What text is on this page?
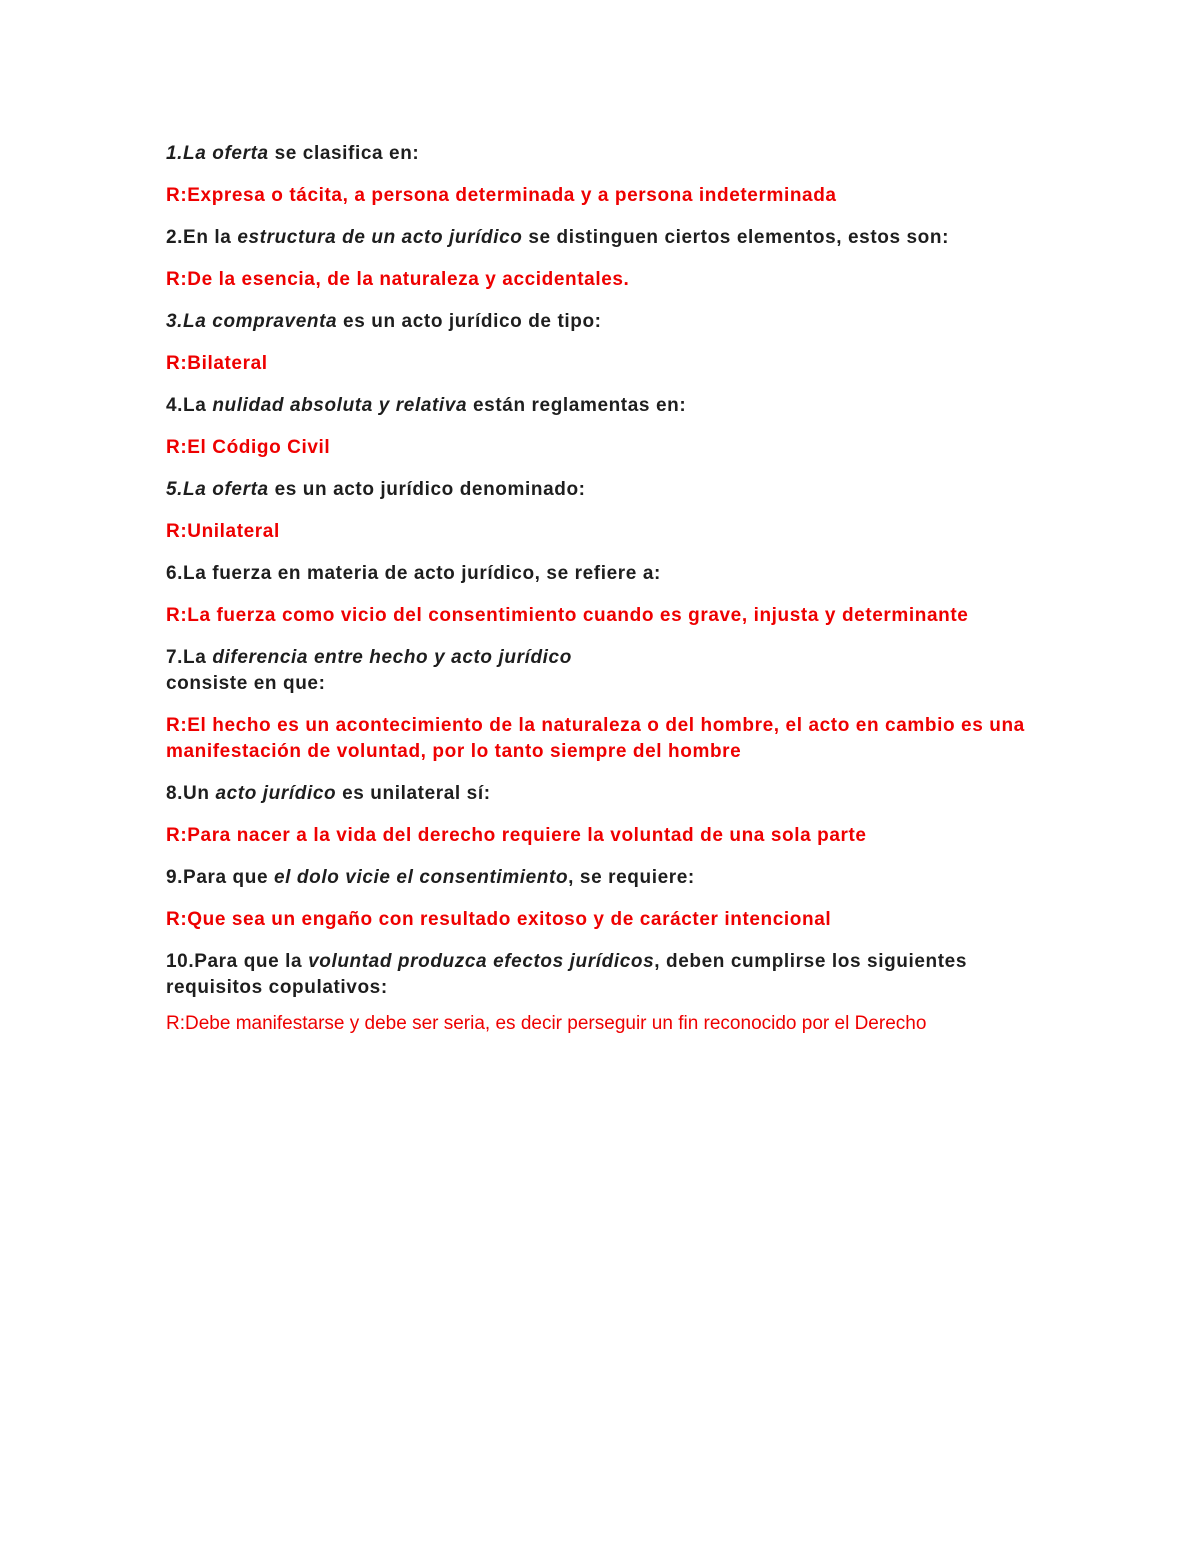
1.La oferta se clasifica en:
R:Expresa o tácita, a persona determinada y a persona indeterminada
2.En la estructura de un acto jurídico se distinguen ciertos elementos, estos son:
R:De la esencia, de la naturaleza y accidentales.
3.La compraventa es un acto jurídico de tipo:
R:Bilateral
4.La nulidad absoluta y relativa están reglamentas en:
R:El Código Civil
5.La oferta es un acto jurídico denominado:
R:Unilateral
6.La fuerza en materia de acto jurídico, se refiere a:
R:La fuerza como vicio del consentimiento cuando es grave, injusta y determinante
7.La diferencia entre hecho y acto jurídico
consiste en que:
R:El hecho es un acontecimiento de la naturaleza o del hombre, el acto en cambio es una manifestación de voluntad, por lo tanto siempre del hombre
8.Un acto jurídico es unilateral sí:
R:Para nacer a la vida del derecho requiere la voluntad de una sola parte
9.Para que el dolo vicie el consentimiento, se requiere:
R:Que sea un engaño con resultado exitoso y de carácter intencional
10.Para que la voluntad produzca efectos jurídicos, deben cumplirse los siguientes requisitos copulativos:
R:Debe manifestarse y debe ser seria, es decir perseguir un fin reconocido por el Derecho
